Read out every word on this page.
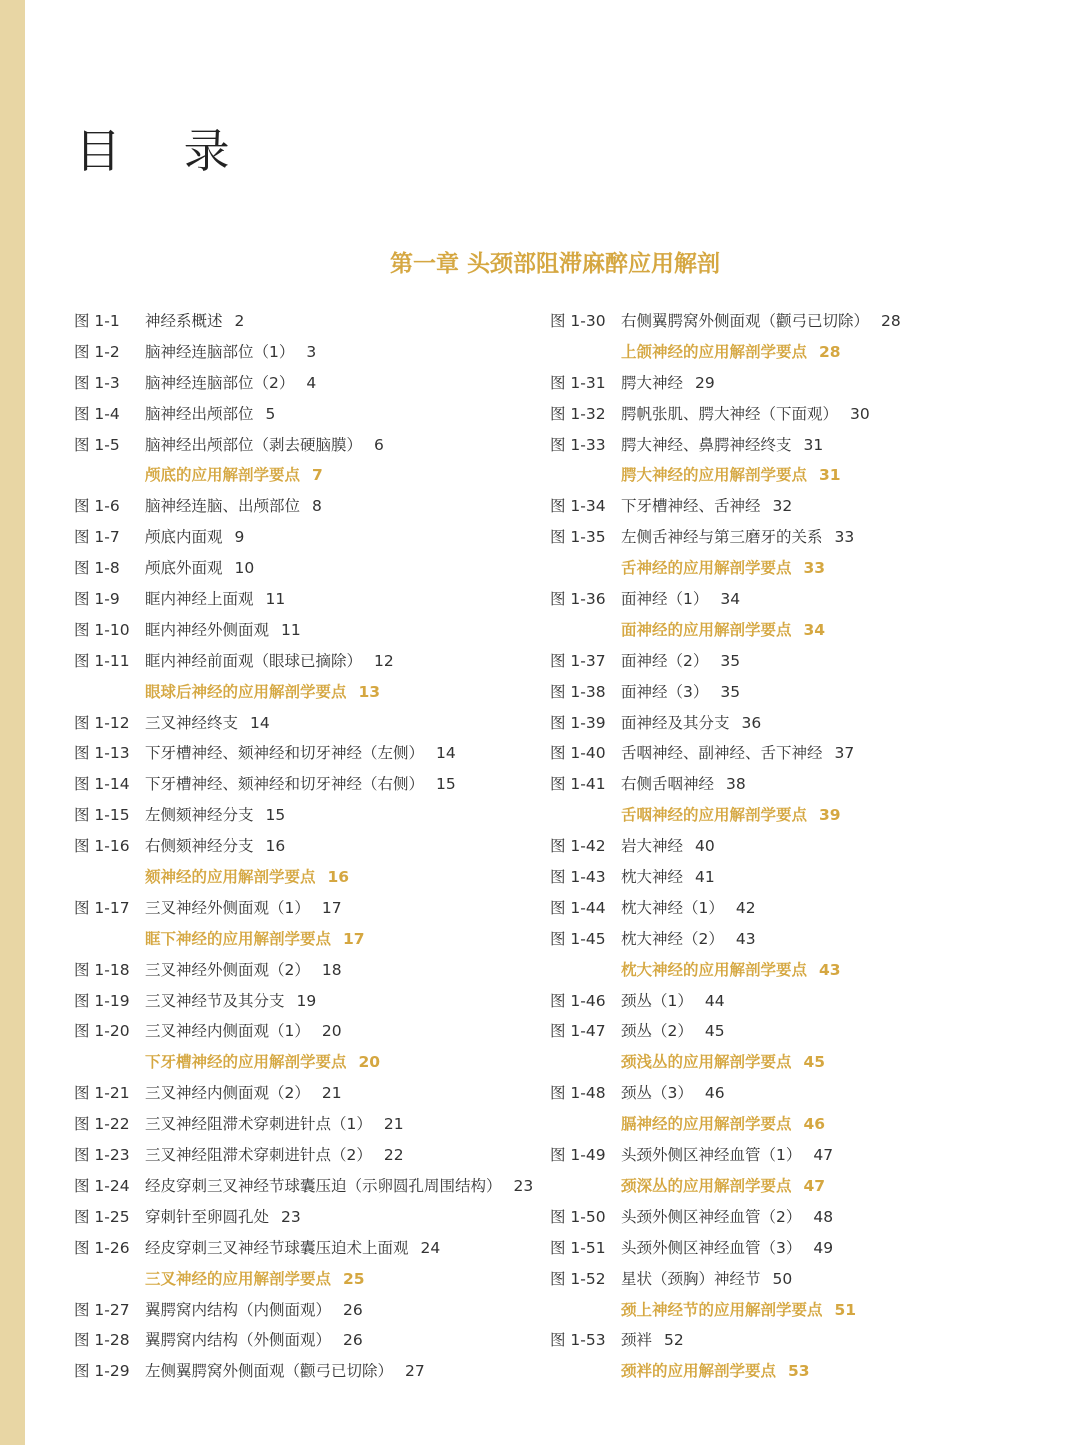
目 录
第一章 头颈部阻滞麻醉应用解剖
图 1-1 神经系概述 2
图 1-2 脑神经连脑部位（1） 3
图 1-3 脑神经连脑部位（2） 4
图 1-4 脑神经出颅部位 5
图 1-5 脑神经出颅部位（剥去硬脑膜） 6
颅底的应用解剖学要点 7
图 1-6 脑神经连脑、出颅部位 8
图 1-7 颅底内面观 9
图 1-8 颅底外面观 10
图 1-9 眶内神经上面观 11
图 1-10 眶内神经外侧面观 11
图 1-11 眶内神经前面观（眼球已摘除） 12
眼球后神经的应用解剖学要点 13
图 1-12 三叉神经终支 14
图 1-13 下牙槽神经、颏神经和切牙神经（左侧） 14
图 1-14 下牙槽神经、颏神经和切牙神经（右侧） 15
图 1-15 左侧颏神经分支 15
图 1-16 右侧颏神经分支 16
颏神经的应用解剖学要点 16
图 1-17 三叉神经外侧面观（1） 17
眶下神经的应用解剖学要点 17
图 1-18 三叉神经外侧面观（2） 18
图 1-19 三叉神经节及其分支 19
图 1-20 三叉神经内侧面观（1） 20
下牙槽神经的应用解剖学要点 20
图 1-21 三叉神经内侧面观（2） 21
图 1-22 三叉神经阻滞术穿刺进针点（1） 21
图 1-23 三叉神经阻滞术穿刺进针点（2） 22
图 1-24 经皮穿刺三叉神经节球囊压迫（示卵圆孔周围结构） 23
图 1-25 穿刺针至卵圆孔处 23
图 1-26 经皮穿刺三叉神经节球囊压迫术上面观 24
三叉神经的应用解剖学要点 25
图 1-27 翼腭窝内结构（内侧面观） 26
图 1-28 翼腭窝内结构（外侧面观） 26
图 1-29 左侧翼腭窝外侧面观（颧弓已切除） 27
图 1-30 右侧翼腭窝外侧面观（颧弓已切除） 28
上颌神经的应用解剖学要点 28
图 1-31 腭大神经 29
图 1-32 腭帆张肌、腭大神经（下面观） 30
图 1-33 腭大神经、鼻腭神经终支 31
腭大神经的应用解剖学要点 31
图 1-34 下牙槽神经、舌神经 32
图 1-35 左侧舌神经与第三磨牙的关系 33
舌神经的应用解剖学要点 33
图 1-36 面神经（1） 34
面神经的应用解剖学要点 34
图 1-37 面神经（2） 35
图 1-38 面神经（3） 35
图 1-39 面神经及其分支 36
图 1-40 舌咽神经、副神经、舌下神经 37
图 1-41 右侧舌咽神经 38
舌咽神经的应用解剖学要点 39
图 1-42 岩大神经 40
图 1-43 枕大神经 41
图 1-44 枕大神经（1） 42
图 1-45 枕大神经（2） 43
枕大神经的应用解剖学要点 43
图 1-46 颈丛（1） 44
图 1-47 颈丛（2） 45
颈浅丛的应用解剖学要点 45
图 1-48 颈丛（3） 46
膈神经的应用解剖学要点 46
图 1-49 头颈外侧区神经血管（1） 47
颈深丛的应用解剖学要点 47
图 1-50 头颈外侧区神经血管（2） 48
图 1-51 头颈外侧区神经血管（3） 49
图 1-52 星状（颈胸）神经节 50
颈上神经节的应用解剖学要点 51
图 1-53 颈袢 52
颈袢的应用解剖学要点 53
